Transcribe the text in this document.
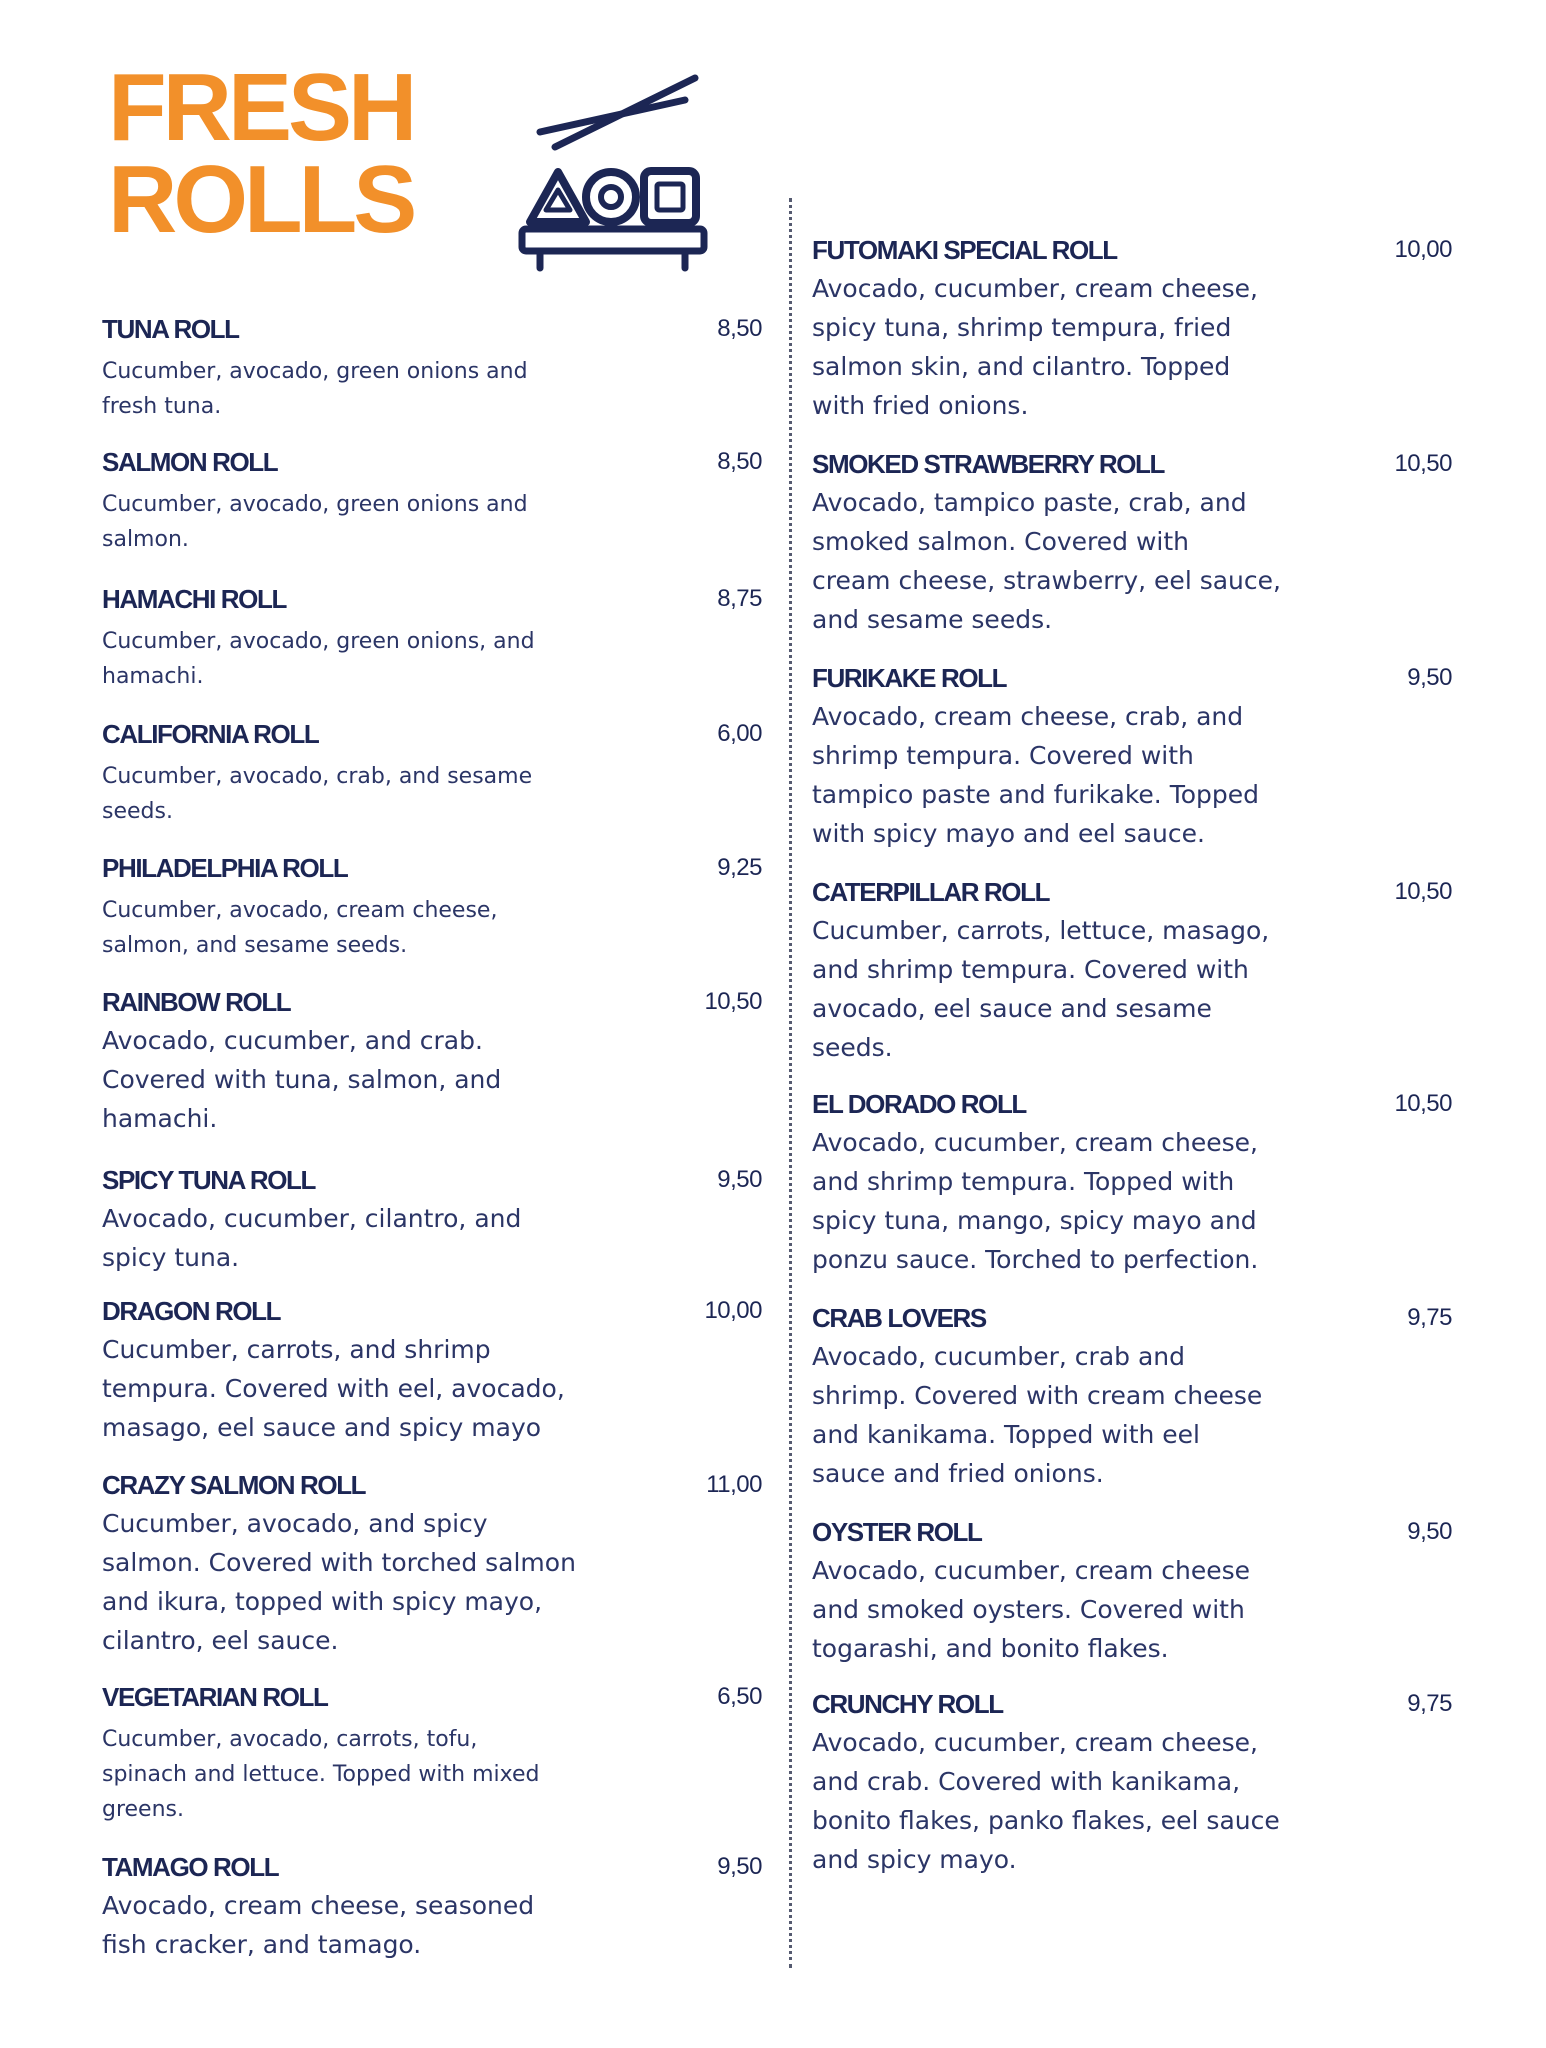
FRESH
ROLLS
TUNA ROLL	8,50
Cucumber, avocado, green onions and
fresh tuna.
SALMON ROLL	8,50
Cucumber, avocado, green onions and
salmon.
HAMACHI ROLL	8,75
Cucumber, avocado, green onions, and
hamachi.
CALIFORNIA ROLL	6,00
Cucumber, avocado, crab, and sesame
seeds.
PHILADELPHIA ROLL	9,25
Cucumber, avocado, cream cheese,
salmon, and sesame seeds.
RAINBOW ROLL	10,50
Avocado, cucumber, and crab.
Covered with tuna, salmon, and
hamachi.
SPICY TUNA ROLL	9,50
Avocado, cucumber, cilantro, and
spicy tuna.
DRAGON ROLL	10,00
Cucumber, carrots, and shrimp
tempura. Covered with eel, avocado,
masago, eel sauce and spicy mayo
CRAZY SALMON ROLL	11,00
Cucumber, avocado, and spicy
salmon. Covered with torched salmon
and ikura, topped with spicy mayo,
cilantro, eel sauce.
VEGETARIAN ROLL	6,50
Cucumber, avocado, carrots, tofu,
spinach and lettuce. Topped with mixed
greens.
TAMAGO ROLL	9,50
Avocado, cream cheese, seasoned
fish cracker, and tamago.
FUTOMAKI SPECIAL ROLL	10,00
Avocado, cucumber, cream cheese,
spicy tuna, shrimp tempura, fried
salmon skin, and cilantro. Topped
with fried onions.
SMOKED STRAWBERRY ROLL	10,50
Avocado, tampico paste, crab, and
smoked salmon. Covered with
cream cheese, strawberry, eel sauce,
and sesame seeds.
FURIKAKE ROLL	9,50
Avocado, cream cheese, crab, and
shrimp tempura. Covered with
tampico paste and furikake. Topped
with spicy mayo and eel sauce.
CATERPILLAR ROLL	10,50
Cucumber, carrots, lettuce, masago,
and shrimp tempura. Covered with
avocado, eel sauce and sesame
seeds.
EL DORADO ROLL	10,50
Avocado, cucumber, cream cheese,
and shrimp tempura. Topped with
spicy tuna, mango, spicy mayo and
ponzu sauce. Torched to perfection.
CRAB LOVERS	9,75
Avocado, cucumber, crab and
shrimp. Covered with cream cheese
and kanikama. Topped with eel
sauce and fried onions.
OYSTER ROLL	9,50
Avocado, cucumber, cream cheese
and smoked oysters. Covered with
togarashi, and bonito flakes.
CRUNCHY ROLL	9,75
Avocado, cucumber, cream cheese,
and crab. Covered with kanikama,
bonito flakes, panko flakes, eel sauce
and spicy mayo.
